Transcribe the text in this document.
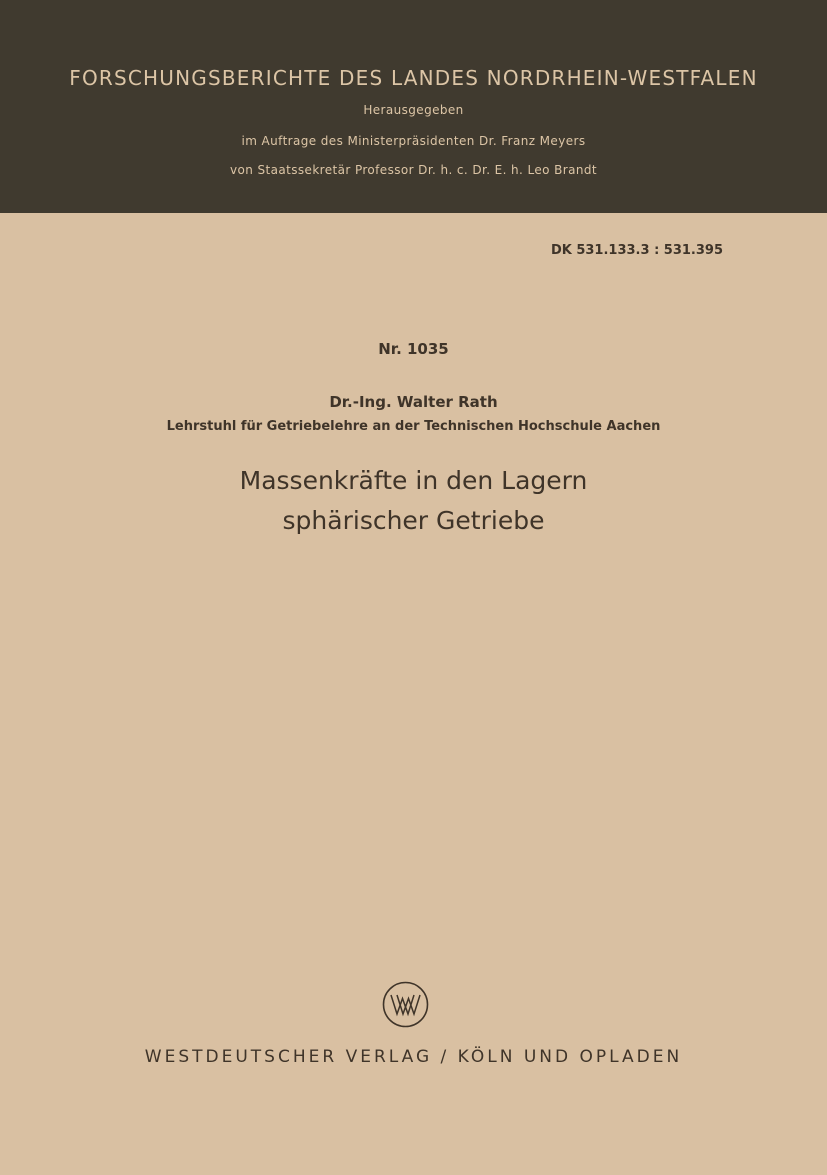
FORSCHUNGSBERICHTE DES LANDES NORDRHEIN-WESTFALEN
Herausgegeben
im Auftrage des Ministerpräsidenten Dr. Franz Meyers
von Staatssekretär Professor Dr. h. c. Dr. E. h. Leo Brandt
DK 531.133.3 : 531.395
Nr. 1035
Dr.-Ing. Walter Rath
Lehrstuhl für Getriebelehre an der Technischen Hochschule Aachen
Massenkräfte in den Lagern
sphärischer Getriebe
WESTDEUTSCHER VERLAG / KÖLN UND OPLADEN
